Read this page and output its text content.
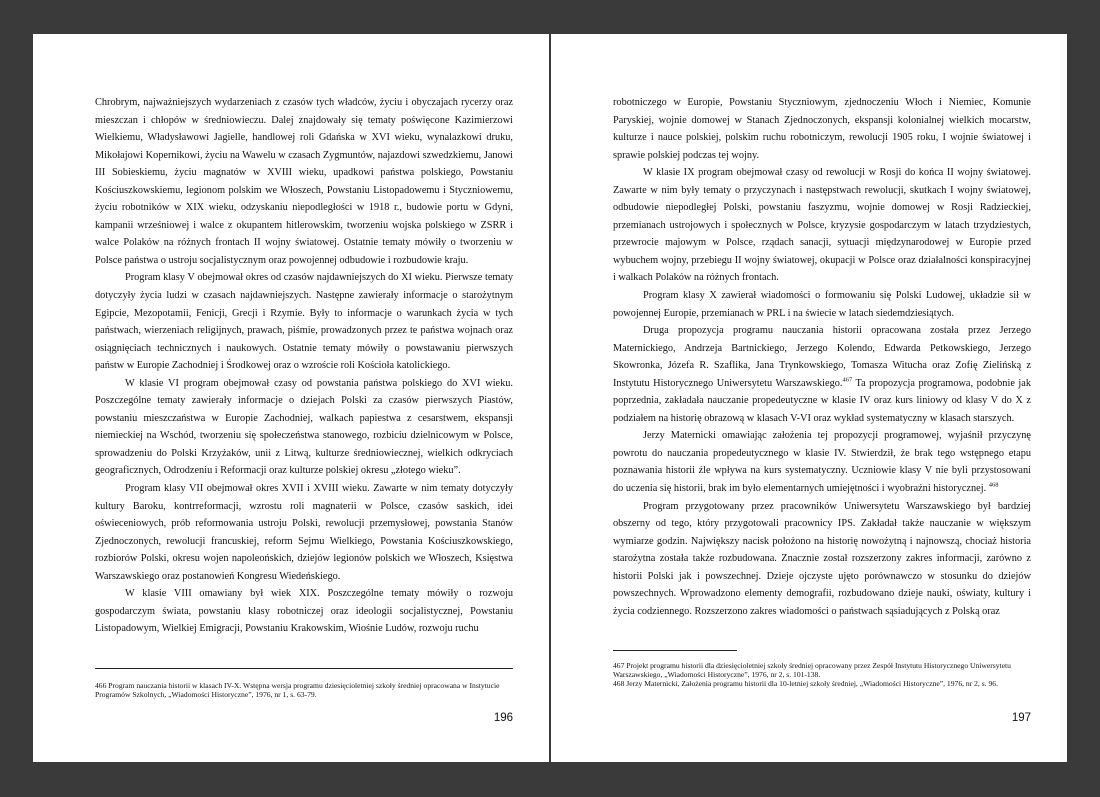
Chrobrym, najważniejszych wydarzeniach z czasów tych władców, życiu i obyczajach rycerzy oraz mieszczan i chłopów w średniowieczu. Dalej znajdowały się tematy poświęcone Kazimierzowi Wielkiemu, Władysławowi Jagielle, handlowej roli Gdańska w XVI wieku, wynalazkowi druku, Mikołajowi Kopernikowi, życiu na Wawelu w czasach Zygmuntów, najazdowi szwedzkiemu, Janowi III Sobieskiemu, życiu magnatów w XVIII wieku, upadkowi państwa polskiego, Powstaniu Kościuszkowskiemu, legionom polskim we Włoszech, Powstaniu Listopadowemu i Styczniowemu, życiu robotników w XIX wieku, odzyskaniu niepodległości w 1918 r., budowie portu w Gdyni, kampanii wrześniowej i walce z okupantem hitlerowskim, tworzeniu wojska polskiego w ZSRR i walce Polaków na różnych frontach II wojny światowej. Ostatnie tematy mówiły o tworzeniu w Polsce państwa o ustroju socjalistycznym oraz powojennej odbudowie i rozbudowie kraju.

Program klasy V obejmował okres od czasów najdawniejszych do XI wieku. Pierwsze tematy dotyczyły życia ludzi w czasach najdawniejszych. Następne zawierały informacje o starożytnym Egipcie, Mezopotamii, Fenicji, Grecji i Rzymie. Były to informacje o warunkach życia w tych państwach, wierzeniach religijnych, prawach, piśmie, prowadzonych przez te państwa wojnach oraz osiągnięciach technicznych i naukowych. Ostatnie tematy mówiły o powstawaniu pierwszych państw w Europie Zachodniej i Środkowej oraz o wzroście roli Kościoła katolickiego.

W klasie VI program obejmował czasy od powstania państwa polskiego do XVI wieku. Poszczególne tematy zawierały informacje o dziejach Polski za czasów pierwszych Piastów, powstaniu mieszczaństwa w Europie Zachodniej, walkach papiestwa z cesarstwem, ekspansji niemieckiej na Wschód, tworzeniu się społeczeństwa stanowego, rozbiciu dzielnicowym w Polsce, sprowadzeniu do Polski Krzyżaków, unii z Litwą, kulturze średniowiecznej, wielkich odkryciach geograficznych, Odrodzeniu i Reformacji oraz kulturze polskiej okresu „złotego wieku”.

Program klasy VII obejmował okres XVII i XVIII wieku. Zawarte w nim tematy dotyczyły kultury Baroku, kontrreformacji, wzrostu roli magnaterii w Polsce, czasów saskich, idei oświeceniowych, prób reformowania ustroju Polski, rewolucji przemysłowej, powstania Stanów Zjednoczonych, rewolucji francuskiej, reform Sejmu Wielkiego, Powstania Kościuszkowskiego, rozbiorów Polski, okresu wojen napoleońskich, dziejów legionów polskich we Włoszech, Księstwa Warszawskiego oraz postanowień Kongresu Wiedeńskiego.

W klasie VIII omawiany był wiek XIX. Poszczególne tematy mówiły o rozwoju gospodarczym świata, powstaniu klasy robotniczej oraz ideologii socjalistycznej, Powstaniu Listopadowym, Wielkiej Emigracji, Powstaniu Krakowskim, Wiośnie Ludów, rozwoju ruchu

466 Program nauczania historii w klasach IV-X. Wstępna wersja programu dziesięcioletniej szkoły średniej opracowana w Instytucie Programów Szkolnych, „Wiadomości Historyczne”, 1976, nr 1, s. 63-79.

196

robotniczego w Europie, Powstaniu Styczniowym, zjednoczeniu Włoch i Niemiec, Komunie Paryskiej, wojnie domowej w Stanach Zjednoczonych, ekspansji kolonialnej wielkich mocarstw, kulturze i nauce polskiej, polskim ruchu robotniczym, rewolucji 1905 roku, I wojnie światowej i sprawie polskiej podczas tej wojny.

W klasie IX program obejmował czasy od rewolucji w Rosji do końca II wojny światowej. Zawarte w nim były tematy o przyczynach i następstwach rewolucji, skutkach I wojny światowej, odbudowie niepodległej Polski, powstaniu faszyzmu, wojnie domowej w Rosji Radzieckiej, przemianach ustrojowych i społecznych w Polsce, kryzysie gospodarczym w latach trzydziestych, przewrocie majowym w Polsce, rządach sanacji, sytuacji międzynarodowej w Europie przed wybuchem wojny, przebiegu II wojny światowej, okupacji w Polsce oraz działalności konspiracyjnej i walkach Polaków na różnych frontach.

Program klasy X zawierał wiadomości o formowaniu się Polski Ludowej, układzie sił w powojennej Europie, przemianach w PRL i na świecie w latach siedemdziesiątych.

Druga propozycja programu nauczania historii opracowana została przez Jerzego Maternickiego, Andrzeja Bartnickiego, Jerzego Kolendo, Edwarda Petkowskiego, Jerzego Skowronka, Józefa R. Szaflika, Jana Trynkowskiego, Tomasza Wituchа oraz Zofię Zielińską z Instytutu Historycznego Uniwersytetu Warszawskiego.$^{467}$ Ta propozycja programowa, podobnie jak poprzednia, zakładała nauczanie propedeutyczne w klasie IV oraz kurs liniowy od klasy V do X z podziałem na historię obrazową w klasach V-VI oraz wykład systematyczny w klasach starszych.

Jerzy Maternicki omawiając założenia tej propozycji programowej, wyjaśnił przyczynę powrotu do nauczania propedeutycznego w klasie IV. Stwierdził, że brak tego wstępnego etapu poznawania historii źle wpływa na kurs systematyczny. Uczniowie klasy V nie byli przystosowani do uczenia się historii, brak im było elementarnych umiejętności i wyobraźni historycznej. $^{468}$

Program przygotowany przez pracowników Uniwersytetu Warszawskiego był bardziej obszerny od tego, który przygotowali pracownicy IPS. Zakładał także nauczanie w większym wymiarze godzin. Największy nacisk położono na historię nowożytną i najnowszą, chociaż historia starożytna została także rozbudowana. Znacznie został rozszerzony zakres informacji, zarówno z historii Polski jak i powszechnej. Dzieje ojczyste ujęto porównawczo w stosunku do dziejów powszechnych. Wprowadzono elementy demografii, rozbudowano dzieje nauki, oświaty, kultury i życia codziennego. Rozszerzono zakres wiadomości o państwach sąsiadujących z Polską oraz

467 Projekt programu historii dla dziesięcioletniej szkoły średniej opracowany przez Zespół Instytutu Historycznego Uniwersytetu Warszawskiego, „Wiadomości Historyczne”, 1976, nr 2, s. 101-138.

468 Jerzy Maternicki, Założenia programu historii dla 10-letniej szkoły średniej, „Wiadomości Historyczne”, 1976, nr 2, s. 96.

197
